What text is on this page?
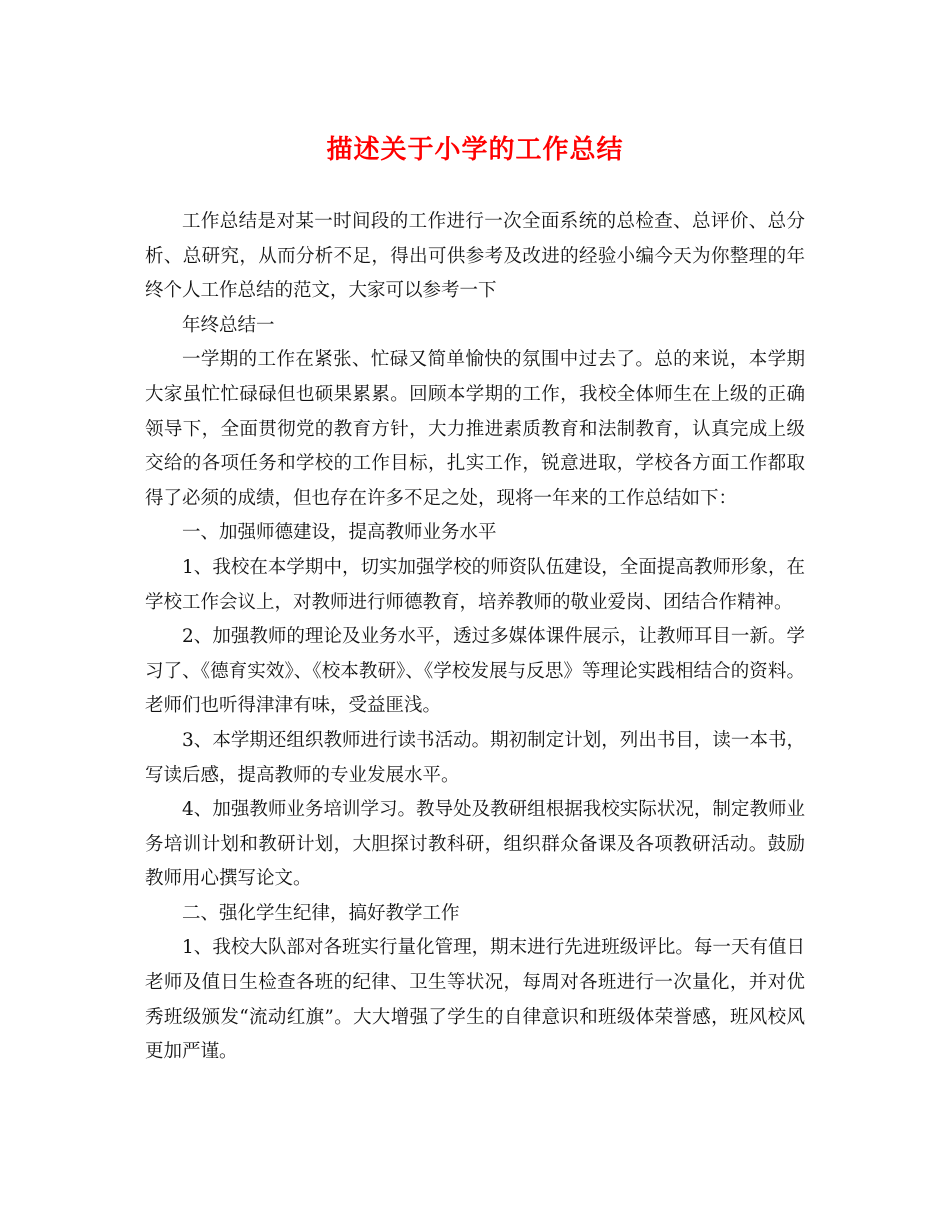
描述关于小学的工作总结

工作总结是对某一时间段的工作进行一次全面系统的总检查、总评价、总分析、总研究，从而分析不足，得出可供参考及改进的经验小编今天为你整理的年终个人工作总结的范文，大家可以参考一下

年终总结一

一学期的工作在紧张、忙碌又简单愉快的氛围中过去了。总的来说，本学期大家虽忙忙碌碌但也硕果累累。回顾本学期的工作，我校全体师生在上级的正确领导下，全面贯彻党的教育方针，大力推进素质教育和法制教育，认真完成上级交给的各项任务和学校的工作目标，扎实工作，锐意进取，学校各方面工作都取得了必须的成绩，但也存在许多不足之处，现将一年来的工作总结如下：

一、加强师德建设，提高教师业务水平

1、我校在本学期中，切实加强学校的师资队伍建设，全面提高教师形象，在学校工作会议上，对教师进行师德教育，培养教师的敬业爱岗、团结合作精神。

2、加强教师的理论及业务水平，透过多媒体课件展示，让教师耳目一新。学习了、《德育实效》、《校本教研》、《学校发展与反思》等理论实践相结合的资料。老师们也听得津津有味，受益匪浅。

3、本学期还组织教师进行读书活动。期初制定计划，列出书目，读一本书，写读后感，提高教师的专业发展水平。

4、加强教师业务培训学习。教导处及教研组根据我校实际状况，制定教师业务培训计划和教研计划，大胆探讨教科研，组织群众备课及各项教研活动。鼓励教师用心撰写论文。

二、强化学生纪律，搞好教学工作

1、我校大队部对各班实行量化管理，期末进行先进班级评比。每一天有值日老师及值日生检查各班的纪律、卫生等状况，每周对各班进行一次量化，并对优秀班级颁发“流动红旗”。大大增强了学生的自律意识和班级体荣誉感，班风校风更加严谨。
